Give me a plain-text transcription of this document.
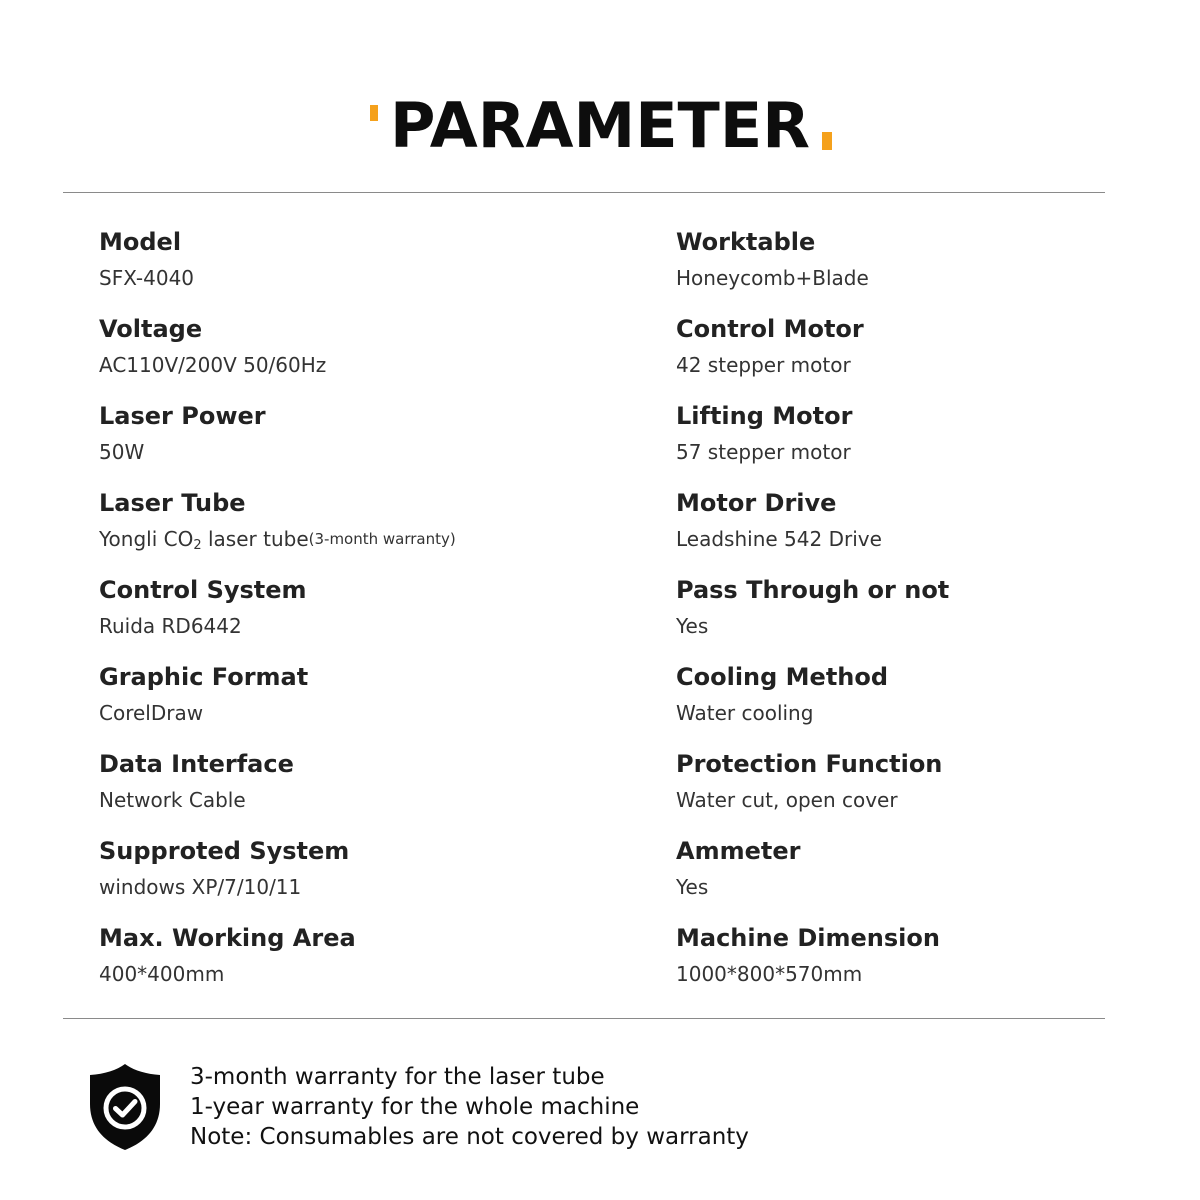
PARAMETER
Model
SFX-4040
Voltage
AC110V/200V 50/60Hz
Laser Power
50W
Laser Tube
Yongli CO2 laser tube(3-month warranty)
Control System
Ruida RD6442
Graphic Format
CorelDraw
Data Interface
Network Cable
Supproted System
windows XP/7/10/11
Max. Working Area
400*400mm
Worktable
Honeycomb+Blade
Control Motor
42 stepper motor
Lifting Motor
57 stepper motor
Motor Drive
Leadshine 542 Drive
Pass Through or not
Yes
Cooling Method
Water cooling
Protection Function
Water cut, open cover
Ammeter
Yes
Machine Dimension
1000*800*570mm
3-month warranty for the laser tube
1-year warranty for the whole machine
Note: Consumables are not covered by warranty
